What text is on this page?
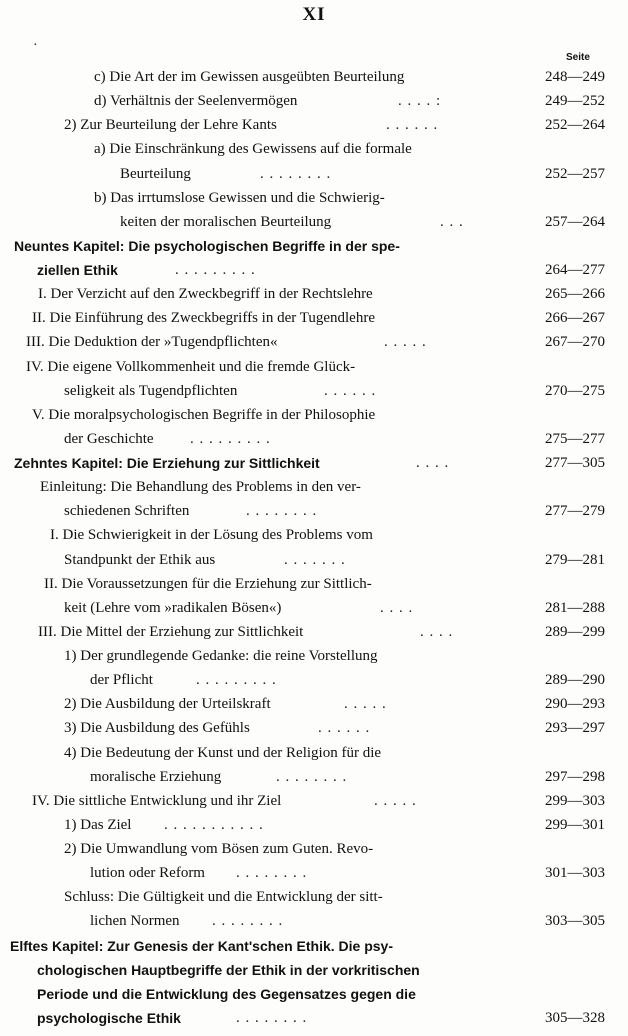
XI
·
Seite
c) Die Art der im Gewissen ausgeübten Beurteilung	248—249
d) Verhältnis der Seelenvermögen	. . . . :	249—252
2) Zur Beurteilung der Lehre Kants	. . . . . .	252—264
a) Die Einschränkung des Gewissens auf die formale
Beurteilung	. . . . . . . .	252—257
b) Das irrtumslose Gewissen und die Schwierig-
keiten der moralischen Beurteilung	. . .	257—264
Neuntes Kapitel: Die psychologischen Begriffe in der spe-
ziellen Ethik	. . . . . . . . .	264—277
I. Der Verzicht auf den Zweckbegriff in der Rechtslehre	265—266
II. Die Einführung des Zweckbegriffs in der Tugendlehre	266—267
III. Die Deduktion der »Tugendpflichten«	. . . . .	267—270
IV. Die eigene Vollkommenheit und die fremde Glück-
seligkeit als Tugendpflichten	. . . . . .	270—275
V. Die moralpsychologischen Begriffe in der Philosophie
der Geschichte . . . . . . . . .	275—277
Zehntes Kapitel: Die Erziehung zur Sittlichkeit	. . . .	277—305
Einleitung: Die Behandlung des Problems in den ver-
schiedenen Schriften	. . . . . . . .	277—279
I. Die Schwierigkeit in der Lösung des Problems vom
Standpunkt der Ethik aus	. . . . . . .	279—281
II. Die Voraussetzungen für die Erziehung zur Sittlich-
keit (Lehre vom »radikalen Bösen«)	. . . .	281—288
III. Die Mittel der Erziehung zur Sittlichkeit	. . . .	289—299
1) Der grundlegende Gedanke: die reine Vorstellung
der Pflicht	. . . . . . . . .	289—290
2) Die Ausbildung der Urteilskraft	. . . . .	290—293
3) Die Ausbildung des Gefühls	. . . . . .	293—297
4) Die Bedeutung der Kunst und der Religion für die
moralische Erziehung	. . . . . . . .	297—298
IV. Die sittliche Entwicklung und ihr Ziel	. . . . .	299—303
1) Das Ziel . . . . . . . . . . .	299—301
2) Die Umwandlung vom Bösen zum Guten. Revo-
lution oder Reform . . . . . . . .	301—303
Schluss: Die Gültigkeit und die Entwicklung der sitt-
lichen Normen . . . . . . . .	303—305
Elftes Kapitel: Zur Genesis der Kant'schen Ethik. Die psy-
chologischen Hauptbegriffe der Ethik in der vorkritischen
Periode und die Entwicklung des Gegensatzes gegen die
psychologische Ethik	. . . . . . . .	305—328
